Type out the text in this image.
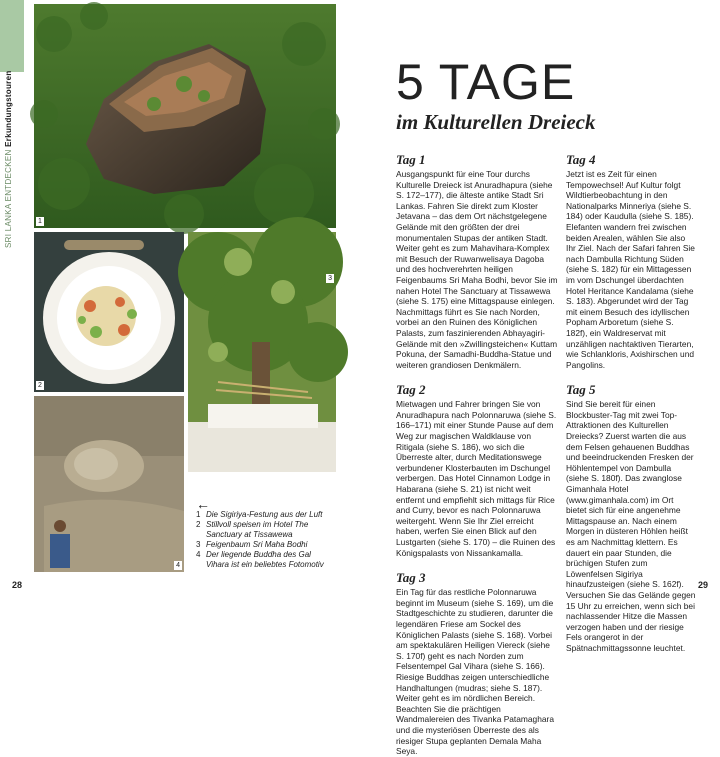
SRI LANKA ENTDECKEN Erkundungstouren
1
2
3
4
←
1 Die Sigiriya-Festung aus der Luft
2 Stillvoll speisen im Hotel The Sanctuary at Tissawewa
3 Feigenbaum Sri Maha Bodhi
4 Der liegende Buddha des Gal Vihara ist ein beliebtes Fotomotiv
28
5 TAGE
im Kulturellen Dreieck
Tag 1

Ausgangspunkt für eine Tour durchs Kulturelle Dreieck ist Anuradhapura (siehe S. 172–177), die älteste antike Stadt Sri Lankas. Fahren Sie direkt zum Kloster Jetavana – das dem Ort nächstgelegene Gelände mit den größten der drei monumentalen Stupas der antiken Stadt. Weiter geht es zum Mahavihara-Komplex mit Besuch der Ruwanwelisaya Dagoba und des hochverehrten heiligen Feigenbaums Sri Maha Bodhi, bevor Sie im nahen Hotel The Sanctuary at Tissawewa (siehe S. 175) eine Mittagspause einlegen. Nachmittags führt es Sie nach Norden, vorbei an den Ruinen des Königlichen Palasts, zum faszinierenden Abhayagiri-Gelände mit den »Zwillingsteichen« Kuttam Pokuna, der Samadhi-Buddha-Statue und weiteren grandiosen Denkmälern.

Tag 2

Mietwagen und Fahrer bringen Sie von Anuradhapura nach Polonnaruwa (siehe S. 166–171) mit einer Stunde Pause auf dem Weg zur magischen Waldklause von Ritigala (siehe S. 186), wo sich die Überreste alter, durch Meditationswege verbundener Klosterbauten im Dschungel verbergen. Das Hotel Cinnamon Lodge in Habarana (siehe S. 21) ist nicht weit entfernt und empfiehlt sich mittags für Rice and Curry, bevor es nach Polonnaruwa weitergeht. Wenn Sie Ihr Ziel erreicht haben, werfen Sie einen Blick auf den Lustgarten (siehe S. 170) – die Ruinen des Königspalasts von Nissankamalla.

Tag 3

Ein Tag für das restliche Polonnaruwa beginnt im Museum (siehe S. 169), um die Stadtgeschichte zu studieren, darunter die legendären Friese am Sockel des Königlichen Palasts (siehe S. 168). Vorbei am spektakulären Heiligen Viereck (siehe S. 170f) geht es nach Norden zum Felsentempel Gal Vihara (siehe S. 166). Riesige Buddhas zeigen unterschiedliche Handhaltungen (mudras; siehe S. 187). Weiter geht es im nördlichen Bereich. Beachten Sie die prächtigen Wandmalereien des Tivanka Patamaghara und die mysteriösen Überreste des als riesiger Stupa geplanten Demala Maha Seya.

Tag 4

Jetzt ist es Zeit für einen Tempowechsel! Auf Kultur folgt Wildtierbeobachtung in den Nationalparks Minneriya (siehe S. 184) oder Kaudulla (siehe S. 185). Elefanten wandern frei zwischen beiden Arealen, wählen Sie also Ihr Ziel. Nach der Safari fahren Sie nach Dambulla Richtung Süden (siehe S. 182) für ein Mittagessen im vom Dschungel überdachten Hotel Heritance Kandalama (siehe S. 183). Abgerundet wird der Tag mit einem Besuch des idyllischen Popham Arboretum (siehe S. 182f), ein Waldreservat mit unzähligen nachtaktiven Tierarten, wie Schlankloris, Axishirschen und Pangolins.

Tag 5

Sind Sie bereit für einen Blockbuster-Tag mit zwei Top-Attraktionen des Kulturellen Dreiecks? Zuerst warten die aus dem Felsen gehauenen Buddhas und beeindruckenden Fresken der Höhlentempel von Dambulla (siehe S. 180f). Das zwanglose Gimanhala Hotel (www.gimanhala.com) im Ort bietet sich für eine angenehme Mittagspause an. Nach einem Morgen in düsteren Höhlen heißt es am Nachmittag klettern. Es dauert ein paar Stunden, die brüchigen Stufen zum Löwenfelsen Sigiriya hinaufzusteigen (siehe S. 162f). Versuchen Sie das Gelände gegen 15 Uhr zu erreichen, wenn sich bei nachlassender Hitze die Massen verzogen haben und der riesige Fels orangerot in der Spätnachmittagssonne leuchtet.

29
